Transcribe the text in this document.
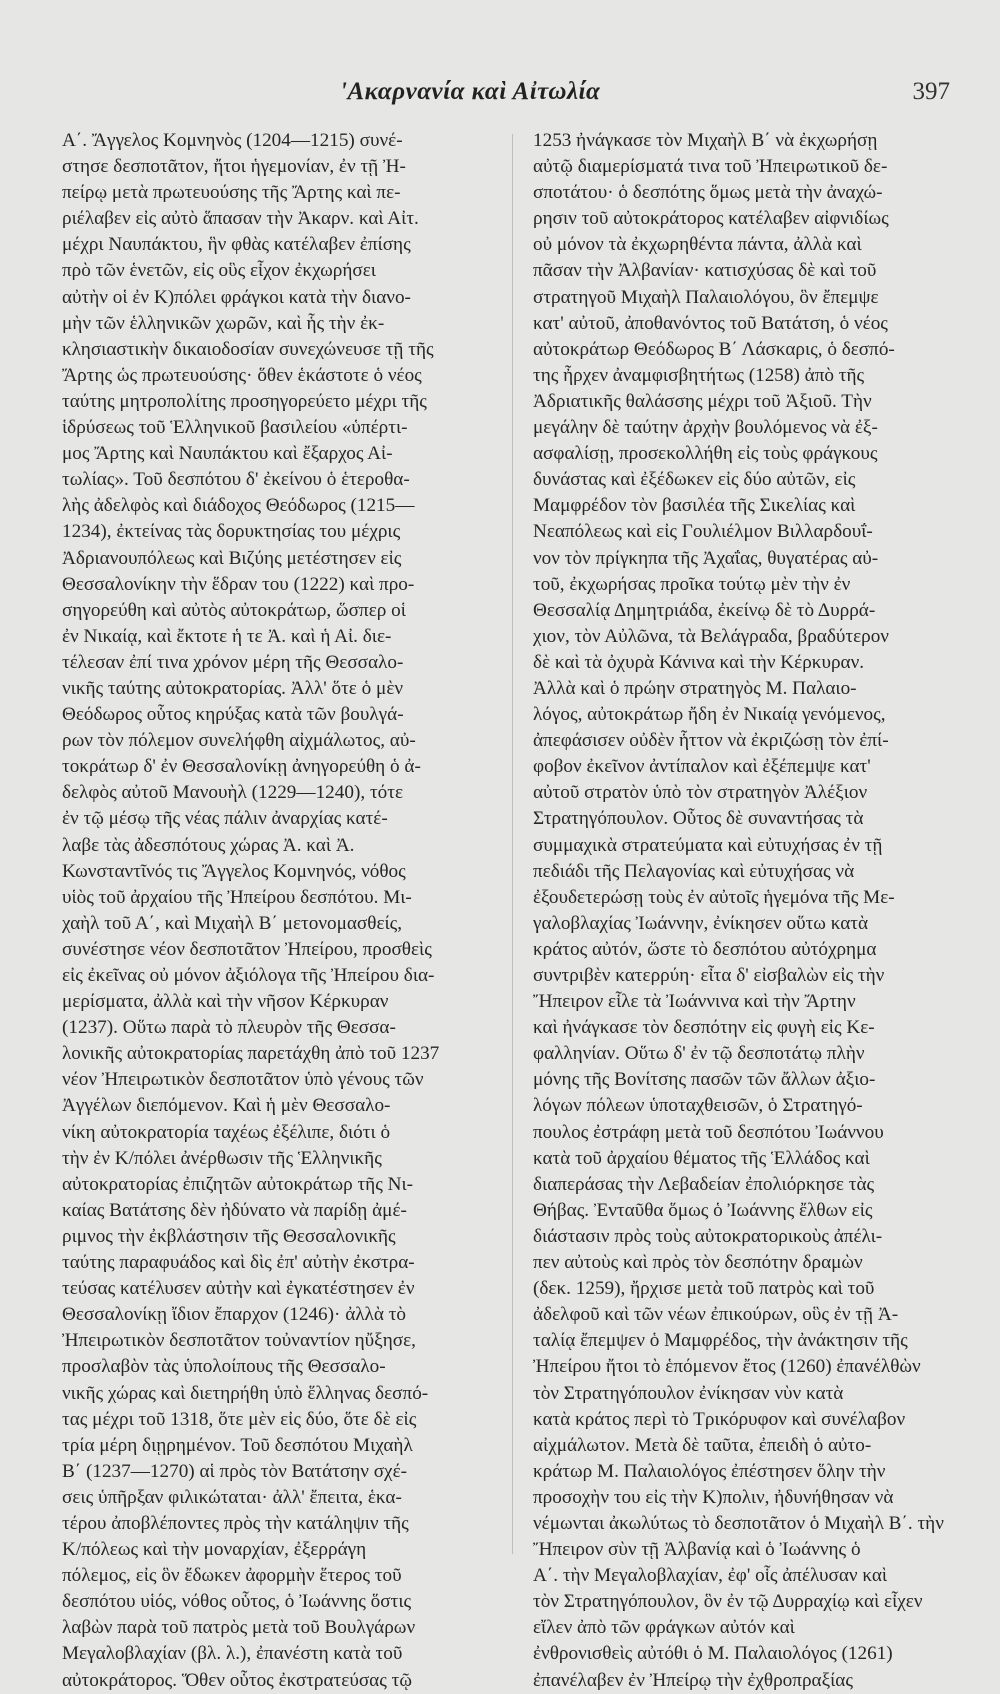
'Ακαρνανία καὶ Αἰτωλία	397
Α΄. Ἄγγελος Κομνηνὸς (1204—1215) συνέ-
στησε δεσποτᾶτον, ἤτοι ἡγεμονίαν, ἐν τῇ Ἠ-
πείρῳ μετὰ πρωτευούσης τῆς Ἄρτης καὶ πε-
ριέλαβεν εἰς αὐτὸ ἅπασαν τὴν Ἀκαρν. καὶ Αἰτ.
μέχρι Ναυπάκτου, ἣν φθὰς κατέλαβεν ἐπίσης
πρὸ τῶν ἑνετῶν, εἰς οὓς εἶχον ἐκχωρήσει
αὐτὴν οἱ ἐν Κ)πόλει φράγκοι κατὰ τὴν διανο-
μὴν τῶν ἑλληνικῶν χωρῶν, καὶ ἧς τὴν ἐκ-
κλησιαστικὴν δικαιοδοσίαν συνεχώνευσε τῇ τῆς
Ἄρτης ὡς πρωτευούσης· ὅθεν ἑκάστοτε ὁ νέος
ταύτης μητροπολίτης προσηγορεύετο μέχρι τῆς
ἱδρύσεως τοῦ Ἑλληνικοῦ βασιλείου «ὑπέρτι-
μος Ἄρτης καὶ Ναυπάκτου καὶ ἔξαρχος Αἰ-
τωλίας». Τοῦ δεσπότου δ' ἐκείνου ὁ ἑτεροθα-
λὴς ἀδελφὸς καὶ διάδοχος Θεόδωρος (1215—
1234), ἐκτείνας τὰς δορυκτησίας του μέχρις
Ἀδριανουπόλεως καὶ Βιζύης μετέστησεν εἰς
Θεσσαλονίκην τὴν ἕδραν του (1222) καὶ προ-
σηγορεύθη καὶ αὐτὸς αὐτοκράτωρ, ὥσπερ οἱ
ἐν Νικαίᾳ, καὶ ἔκτοτε ἡ τε Ἀ. καὶ ἡ Αἰ. διε-
τέλεσαν ἐπί τινα χρόνον μέρη τῆς Θεσσαλο-
νικῆς ταύτης αὐτοκρατορίας. Ἀλλ' ὅτε ὁ μὲν
Θεόδωρος οὗτος κηρύξας κατὰ τῶν βουλγά-
ρων τὸν πόλεμον συνελήφθη αἰχμάλωτος, αὐ-
τοκράτωρ δ' ἐν Θεσσαλονίκῃ ἀνηγορεύθη ὁ ἀ-
δελφὸς αὐτοῦ Μανουὴλ (1229—1240), τότε
ἐν τῷ μέσῳ τῆς νέας πάλιν ἀναρχίας κατέ-
λαβε τὰς ἀδεσπότους χώρας Ἀ. καὶ Ἀ.
Κωνσταντῖνός τις Ἄγγελος Κομνηνός, νόθος
υἱὸς τοῦ ἀρχαίου τῆς Ἠπείρου δεσπότου. Μι-
χαὴλ τοῦ Α΄, καὶ Μιχαὴλ Β΄ μετονομασθείς,
συνέστησε νέον δεσποτᾶτον Ἠπείρου, προσθεὶς
εἰς ἐκεῖνας οὐ μόνον ἀξιόλογα τῆς Ἠπείρου δια-
μερίσματα, ἀλλὰ καὶ τὴν νῆσον Κέρκυραν
(1237). Οὕτω παρὰ τὸ πλευρὸν τῆς Θεσσα-
λονικῆς αὐτοκρατορίας παρετάχθη ἀπὸ τοῦ 1237
νέον Ἠπειρωτικὸν δεσποτᾶτον ὑπὸ γένους τῶν
Ἀγγέλων διεπόμενον. Καὶ ἡ μὲν Θεσσαλο-
νίκη αὐτοκρατορία ταχέως ἐξέλιπε, διότι ὁ
τὴν ἐν Κ/πόλει ἀνέρθωσιν τῆς Ἑλληνικῆς
αὐτοκρατορίας ἐπιζητῶν αὐτοκράτωρ τῆς Νι-
καίας Βατάτσης δὲν ἠδύνατο νὰ παρίδῃ ἀμέ-
ριμνος τὴν ἐκβλάστησιν τῆς Θεσσαλονικῆς
ταύτης παραφυάδος καὶ δὶς ἐπ' αὐτὴν ἐκστρα-
τεύσας κατέλυσεν αὐτὴν καὶ ἐγκατέστησεν ἐν
Θεσσαλονίκῃ ἴδιον ἔπαρχον (1246)· ἀλλὰ τὸ
Ἠπειρωτικὸν δεσποτᾶτον τοὐναντίον ηὔξησε,
προσλαβὸν τὰς ὑπολοίπους τῆς Θεσσαλο-
νικῆς χώρας καὶ διετηρήθη ὑπὸ ἕλληνας δεσπό-
τας μέχρι τοῦ 1318, ὅτε μὲν εἰς δύο, ὅτε δὲ εἰς
τρία μέρη διῃρημένον. Τοῦ δεσπότου Μιχαὴλ
Β΄ (1237—1270) αἱ πρὸς τὸν Βατάτσην σχέ-
σεις ὑπῆρξαν φιλικώταται· ἀλλ' ἔπειτα, ἑκα-
τέρου ἀποβλέποντες πρὸς τὴν κατάληψιν τῆς
Κ/πόλεως καὶ τὴν μοναρχίαν, ἐξερράγη
πόλεμος, εἰς ὃν ἔδωκεν ἀφορμὴν ἕτερος τοῦ
δεσπότου υἱός, νόθος οὗτος, ὁ Ἰωάννης ὅστις
λαβὼν παρὰ τοῦ πατρὸς μετὰ τοῦ Βουλγάρων
Μεγαλοβλαχίαν (βλ. λ.), ἐπανέστη κατὰ τοῦ
αὐτοκράτορος. Ὅθεν οὗτος ἐκστρατεύσας τῷ
1253 ἠνάγκασε τὸν Μιχαὴλ Β΄ νὰ ἐκχωρήσῃ
αὐτῷ διαμερίσματά τινα τοῦ Ἠπειρωτικοῦ δε-
σποτάτου· ὁ δεσπότης ὅμως μετὰ τὴν ἀναχώ-
ρησιν τοῦ αὐτοκράτορος κατέλαβεν αἰφνιδίως
οὐ μόνον τὰ ἐκχωρηθέντα πάντα, ἀλλὰ καὶ
πᾶσαν τὴν Ἀλβανίαν· κατισχύσας δὲ καὶ τοῦ
στρατηγοῦ Μιχαὴλ Παλαιολόγου, ὃν ἔπεμψε
κατ' αὐτοῦ, ἀποθανόντος τοῦ Βατάτση, ὁ νέος
αὐτοκράτωρ Θεόδωρος Β΄ Λάσκαρις, ὁ δεσπό-
της ἦρχεν ἀναμφισβητήτως (1258) ἀπὸ τῆς
Ἀδριατικῆς θαλάσσης μέχρι τοῦ Ἀξιοῦ. Τὴν
μεγάλην δὲ ταύτην ἀρχὴν βουλόμενος νὰ ἐξ-
ασφαλίσῃ, προσεκολλήθη εἰς τοὺς φράγκους
δυνάστας καὶ ἐξέδωκεν εἰς δύο αὐτῶν, εἰς
Μαμφρέδον τὸν βασιλέα τῆς Σικελίας καὶ
Νεαπόλεως καὶ εἰς Γουλιέλμον Βιλλαρδουΐ-
νον τὸν πρίγκηπα τῆς Ἀχαΐας, θυγατέρας αὐ-
τοῦ, ἐκχωρήσας προῖκα τούτῳ μὲν τὴν ἐν
Θεσσαλίᾳ Δημητριάδα, ἐκείνῳ δὲ τὸ Δυρρά-
χιον, τὸν Αὐλῶνα, τὰ Βελάγραδα, βραδύτερον
δὲ καὶ τὰ ὀχυρὰ Κάνινα καὶ τὴν Κέρκυραν.
Ἀλλὰ καὶ ὁ πρώην στρατηγὸς Μ. Παλαιο-
λόγος, αὐτοκράτωρ ἤδη ἐν Νικαίᾳ γενόμενος,
ἀπεφάσισεν οὐδὲν ἧττον νὰ ἐκριζώσῃ τὸν ἐπί-
φοβον ἐκεῖνον ἀντίπαλον καὶ ἐξέπεμψε κατ'
αὐτοῦ στρατὸν ὑπὸ τὸν στρατηγὸν Ἀλέξιον
Στρατηγόπουλον. Οὗτος δὲ συναντήσας τὰ
συμμαχικὰ στρατεύματα καὶ εὐτυχήσας ἐν τῇ
πεδιάδι τῆς Πελαγονίας καὶ εὐτυχήσας νὰ
ἐξουδετερώσῃ τοὺς ἐν αὐτοῖς ἡγεμόνα τῆς Με-
γαλοβλαχίας Ἰωάννην, ἐνίκησεν οὕτω κατὰ
κράτος αὐτόν, ὥστε τὸ δεσπότου αὐτόχρημα
συντριβὲν κατερρύη· εἶτα δ' εἰσβαλὼν εἰς τὴν
Ἤπειρον εἷλε τὰ Ἰωάννινα καὶ τὴν Ἄρτην
καὶ ἠνάγκασε τὸν δεσπότην εἰς φυγὴ εἰς Κε-
φαλληνίαν. Οὕτω δ' ἐν τῷ δεσποτάτῳ πλὴν
μόνης τῆς Βονίτσης πασῶν τῶν ἄλλων ἀξιο-
λόγων πόλεων ὑποταχθεισῶν, ὁ Στρατηγό-
πουλος ἐστράφη μετὰ τοῦ δεσπότου Ἰωάννου
κατὰ τοῦ ἀρχαίου θέματος τῆς Ἑλλάδος καὶ
διαπεράσας τὴν Λεβαδείαν ἐπολιόρκησε τὰς
Θήβας. Ἐνταῦθα ὅμως ὁ Ἰωάννης ἔλθων εἰς
διάστασιν πρὸς τοὺς αὐτοκρατορικοὺς ἀπέλι-
πεν αὐτοὺς καὶ πρὸς τὸν δεσπότην δραμὼν
(δεκ. 1259), ἤρχισε μετὰ τοῦ πατρὸς καὶ τοῦ
ἀδελφοῦ καὶ τῶν νέων ἐπικούρων, οὓς ἐν τῇ Ἀ-
ταλίᾳ ἔπεμψεν ὁ Μαμφρέδος, τὴν ἀνάκτησιν τῆς
Ἠπείρου ἤτοι τὸ ἑπόμενον ἔτος (1260) ἐπανέλθὼν
τὸν Στρατηγόπουλον ἐνίκησαν νὺν κατὰ
κατὰ κράτος περὶ τὸ Τρικόρυφον καὶ συνέλαβον
αἰχμάλωτον. Μετὰ δὲ ταῦτα, ἐπειδὴ ὁ αὐτο-
κράτωρ Μ. Παλαιολόγος ἐπέστησεν ὅλην τὴν
προσοχὴν του εἰς τὴν Κ)πολιν, ἠδυνήθησαν νὰ
νέμωνται ἀκωλύτως τὸ δεσποτᾶτον ὁ Μιχαὴλ Β΄. τὴν
Ἤπειρον σὺν τῇ Ἀλβανίᾳ καὶ ὁ Ἰωάννης ὁ
Α΄. τὴν Μεγαλοβλαχίαν, ἐφ' οἷς ἀπέλυσαν καὶ
τὸν Στρατηγόπουλον, ὃν ἐν τῷ Δυρραχίῳ καὶ εἶχεν
εἴλεν ἀπὸ τῶν φράγκων αὐτόν καὶ
ἐνθρονισθεὶς αὐτόθι ὁ Μ. Παλαιολόγος (1261)
ἐπανέλαβεν ἐν Ἠπείρῳ τὴν ἐχθροπραξίας
